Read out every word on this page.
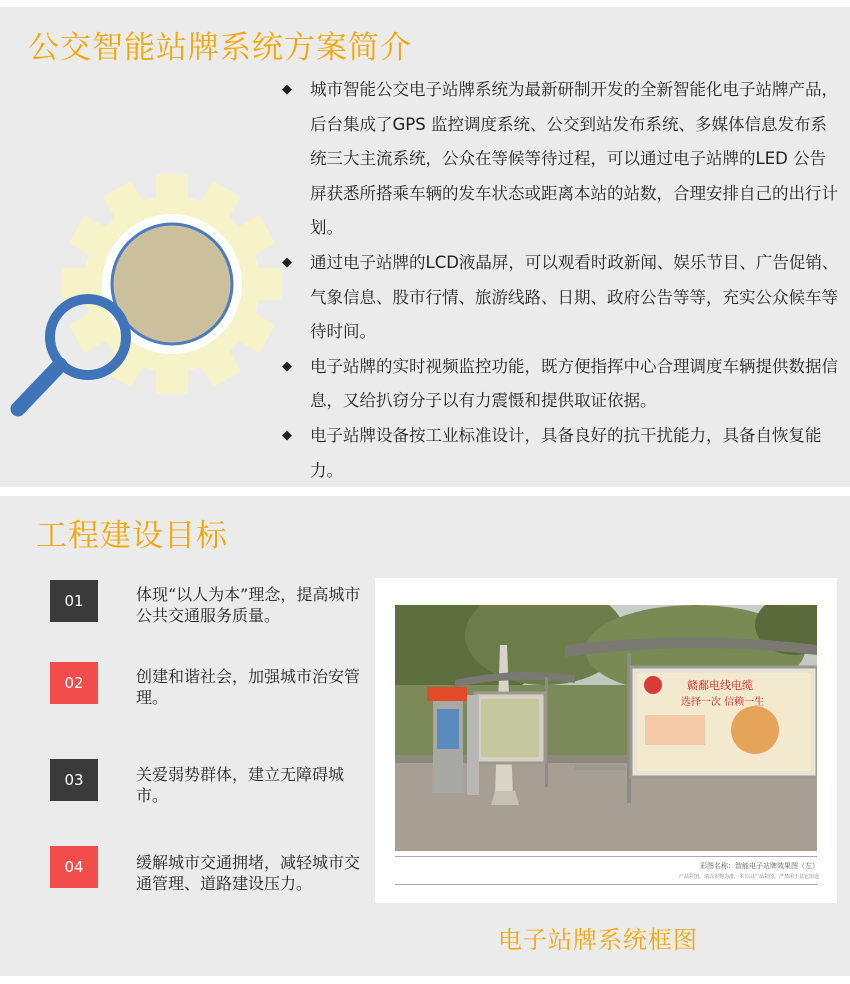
公交智能站牌系统方案简介
◆ 城市智能公交电子站牌系统为最新研制开发的全新智能化电子站牌产品，后台集成了GPS 监控调度系统、公交到站发布系统、多媒体信息发布系统三大主流系统，公众在等候等待过程，可以通过电子站牌的LED 公告屏获悉所搭乘车辆的发车状态或距离本站的站数，合理安排自己的出行计划。
◆ 通过电子站牌的LCD液晶屏，可以观看时政新闻、娱乐节目、广告促销、气象信息、股市行情、旅游线路、日期、政府公告等等，充实公众候车等待时间。
◆ 电子站牌的实时视频监控功能，既方便指挥中心合理调度车辆提供数据信息，又给扒窃分子以有力震慑和提供取证依据。
◆ 电子站牌设备按工业标准设计，具备良好的抗干扰能力，具备自恢复能力。
工程建设目标
01	体现“以人为本”理念，提高城市公共交通服务质量。
02	创建和谐社会，加强城市治安管理。
03	关爱弱势群体，建立无障碍城市。
04	缓解城市交通拥堵，减轻城市交通管理、道路建设压力。
赣鄱电线电缆
选择一次 信赖一生
彩图名称：智能电子站牌效果图（左）
产品彩图，请以实物为准。本公司产品彩图，严禁用于其它用途
电子站牌系统框图
